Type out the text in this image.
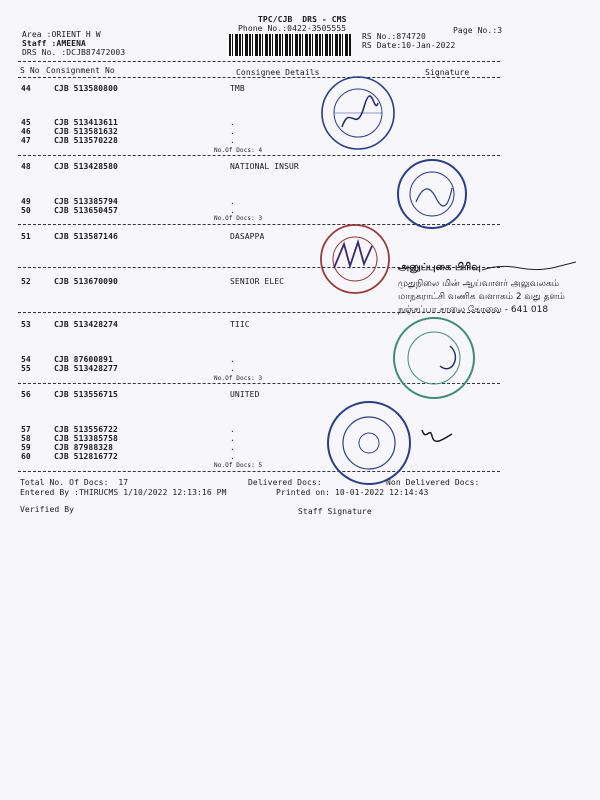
TPC/CJB  DRS - CMS
Phone No.:0422-3505555	Page No.:3
Area :ORIENT H W
Staff :AMEENA
DRS No. :DCJB87472003
RS No.:874720
RS Date:10-Jan-2022
S No Consignment No	Consignee Details	Signature
44	CJB 513580800	TMB
45	CJB 513413611	.
46	CJB 513581632	.
47	CJB 513570228	.
No.Of Docs: 4
48	CJB 513428580	NATIONAL INSUR
49	CJB 513385794	.
50	CJB 513650457	.
No.Of Docs: 3
51	CJB 513587146	DASAPPA
52	CJB 513670090	SENIOR ELEC
53	CJB 513428274	TIIC
54	CJB 87600891	.
55	CJB 513428277	.
No.Of Docs: 3
56	CJB 513556715	UNITED
57	CJB 513556722	.
58	CJB 513385758	.
59	CJB 87988328	.
60	CJB 512816772	.
No.Of Docs: 5
Total No. Of Docs:  17	Delivered Docs:	Non Delivered Docs:
Entered By :THIRUCMS 1/10/2022 12:13:16 PM	Printed on: 10-01-2022 12:14:43
Verified By	Staff Signature
அனுப்புகை பிரிவு
முதுநிலை மின் ஆய்வாளர் அலுவலகம்
மாநகராட்சி வணிக வளாகம் 2 வது தளம்
நஞ்சப்பா சாலை கோவை - 641 018
